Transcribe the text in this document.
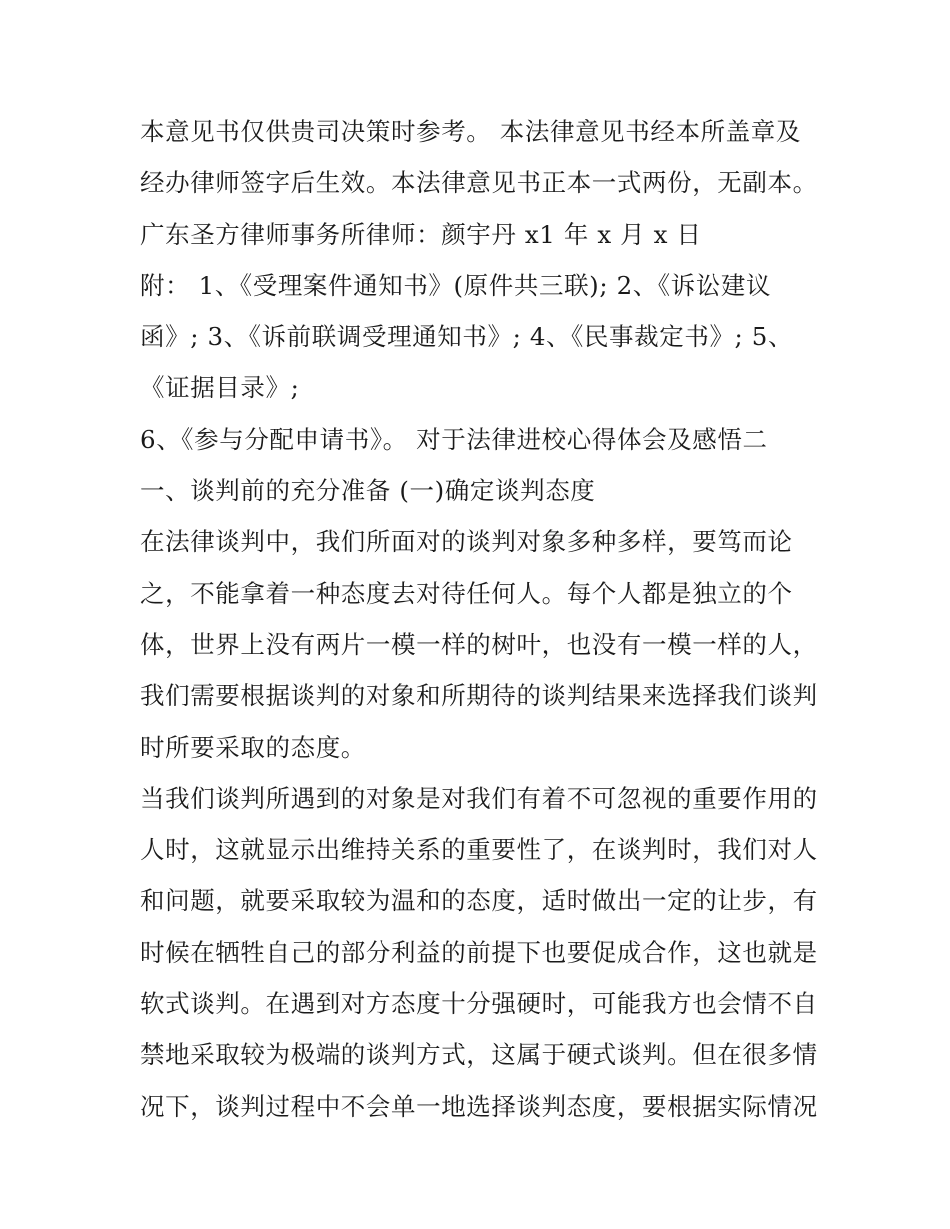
本意见书仅供贵司决策时参考。 本法律意见书经本所盖章及
经办律师签字后生效。本法律意见书正本一式两份，无副本。
广东圣方律师事务所律师：颜宇丹 x1 年 x 月 x 日
附： 1、《受理案件通知书》(原件共三联); 2、《诉讼建议
函》; 3、《诉前联调受理通知书》; 4、《民事裁定书》; 5、
《证据目录》;
6、《参与分配申请书》。 对于法律进校心得体会及感悟二
一、谈判前的充分准备 (一)确定谈判态度
在法律谈判中，我们所面对的谈判对象多种多样，要笃而论
之，不能拿着一种态度去对待任何人。每个人都是独立的个
体，世界上没有两片一模一样的树叶，也没有一模一样的人，
我们需要根据谈判的对象和所期待的谈判结果来选择我们谈判
时所要采取的态度。
当我们谈判所遇到的对象是对我们有着不可忽视的重要作用的
人时，这就显示出维持关系的重要性了，在谈判时，我们对人
和问题，就要采取较为温和的态度，适时做出一定的让步，有
时候在牺牲自己的部分利益的前提下也要促成合作，这也就是
软式谈判。在遇到对方态度十分强硬时，可能我方也会情不自
禁地采取较为极端的谈判方式，这属于硬式谈判。但在很多情
况下，谈判过程中不会单一地选择谈判态度，要根据实际情况
